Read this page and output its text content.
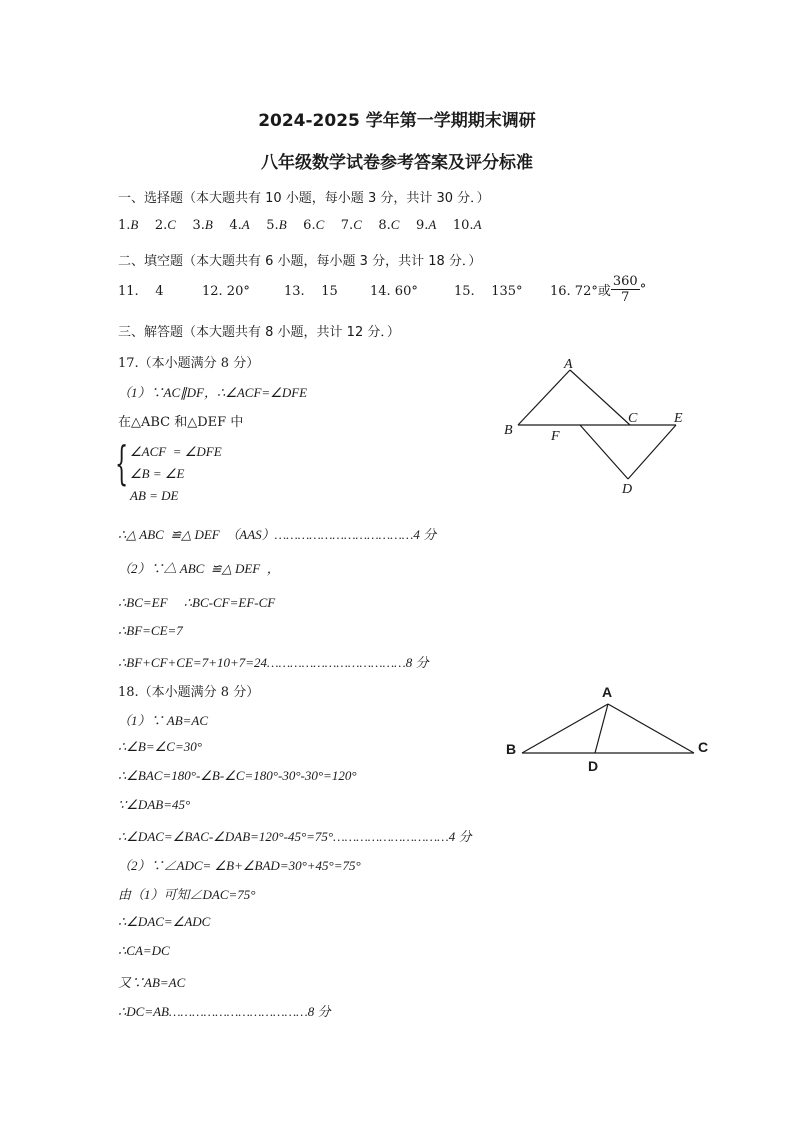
2024-2025 学年第一学期期末调研
八年级数学试卷参考答案及评分标准
一、选择题（本大题共有 10 小题，每小题 3 分，共计 30 分．）
1.B 2.C 3.B 4.A 5.B 6.C 7.C 8.C 9.A 10.A
二、填空题（本大题共有 6 小题，每小题 3 分，共计 18 分．）
11.    4	12. 20°	13.    15 14. 60°	15.    135° 16. 72°或 $\frac{360}{7}$ °
三、解答题（本大题共有 8 小题，共计 12 分．）
17.（本小题满分 8 分）
（1）∵AC∥DF，∴∠ACF=∠DFE
在△ABC 和△DEF 中
{ ∠ACF  = ∠DFE
∠B = ∠E
AB = DE
∴△ ABC  ≌△ DEF  （AAS）………………………………4 分
（2）∵△ ABC  ≌△ DEF  ，
∴BC=EF     ∴BC-CF=EF-CF
∴BF=CE=7
∴BF+CF+CE=7+10+7=24………………………………8 分
A
B
C	E
F
D
18.（本小题满分 8 分）
（1）∵ AB=AC
∴∠B=∠C=30°
∴∠BAC=180°-∠B-∠C=180°-30°-30°=120°
∵∠DAB=45°
∴∠DAC=∠BAC-∠DAB=120°-45°=75°…………………………4 分
（2）∵∠ADC= ∠B+∠BAD=30°+45°=75°
由（1）可知∠DAC=75°
∴∠DAC=∠ADC
∴CA=DC
又∵AB=AC
∴DC=AB………………………………8 分
A
B	C
D
